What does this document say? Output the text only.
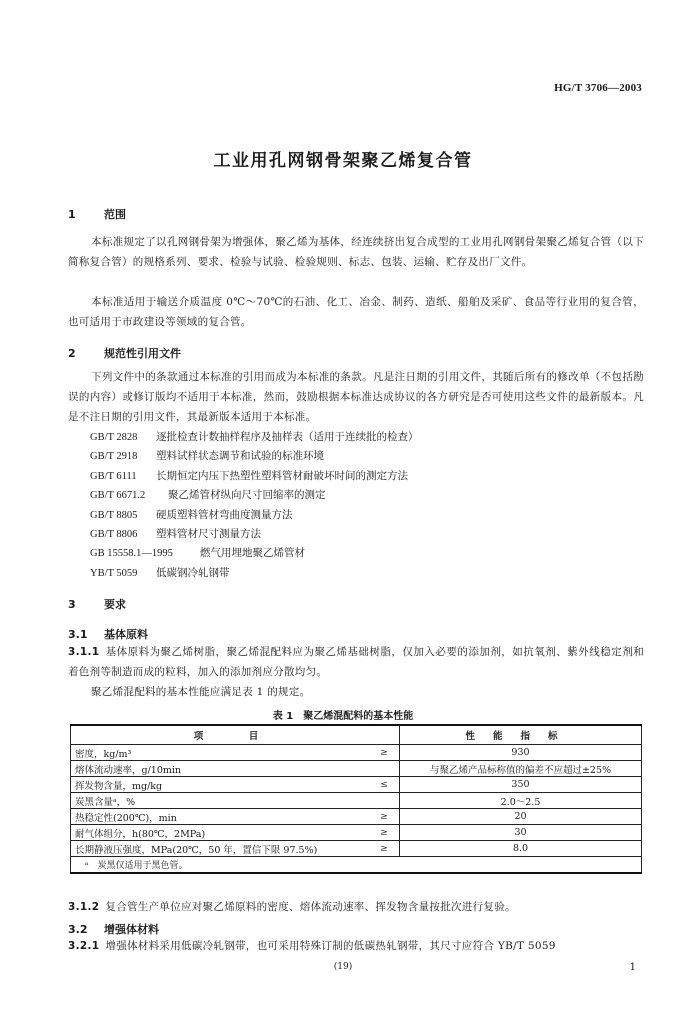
HG/T 3706—2003
工业用孔网钢骨架聚乙烯复合管
1	范围
本标准规定了以孔网钢骨架为增强体，聚乙烯为基体，经连续挤出复合成型的工业用孔网钢骨架聚乙烯复合管（以下简称复合管）的规格系列、要求、检验与试验、检验规则、标志、包装、运输、贮存及出厂文件。
本标准适用于输送介质温度 0℃～70℃的石油、化工、冶金、制药、造纸、船舶及采矿、食品等行业用的复合管，也可适用于市政建设等领域的复合管。
2	规范性引用文件
下列文件中的条款通过本标准的引用而成为本标准的条款。凡是注日期的引用文件，其随后所有的修改单（不包括勘误的内容）或修订版均不适用于本标准，然而，鼓励根据本标准达成协议的各方研究是否可使用这些文件的最新版本。凡是不注日期的引用文件，其最新版本适用于本标准。
GB/T 2828 逐批检查计数抽样程序及抽样表（适用于连续批的检查）
GB/T 2918 塑料试样状态调节和试验的标准环境
GB/T 6111 长期恒定内压下热塑性塑料管材耐破坏时间的测定方法
GB/T 6671.2 聚乙烯管材纵向尺寸回缩率的测定
GB/T 8805 硬质塑料管材弯曲度测量方法
GB/T 8806 塑料管材尺寸测量方法
GB 15558.1—1995	燃气用埋地聚乙烯管材
YB/T 5059 低碳钢冷轧钢带
3	要求
3.1 基体原料
3.1.1 基体原料为聚乙烯树脂，聚乙烯混配料应为聚乙烯基础树脂，仅加入必要的添加剂，如抗氧剂、紫外线稳定剂和着色剂等制造而成的粒料，加入的添加剂应分散均匀。
聚乙烯混配料的基本性能应满足表 1 的规定。
表 1 聚乙烯混配料的基本性能
项　目		性能指标
密度，kg/m³	≥	930
熔体流动速率，g/10min		与聚乙烯产品标称值的偏差不应超过±25%
挥发物含量，mg/kg	≤	350
炭黑含量ᵃ，%		2.0～2.5
热稳定性(200℃)，min	≥	20
耐气体组分，h(80℃，2MPa)	≥	30
长期静液压强度，MPa(20℃，50 年，置信下限 97.5%)	≥	8.0
ᵃ　炭黑仅适用于黑色管。		
3.1.2 复合管生产单位应对聚乙烯原料的密度、熔体流动速率、挥发物含量按批次进行复验。
3.2 增强体材料
3.2.1 增强体材料采用低碳冷轧钢带，也可采用特殊订制的低碳热轧钢带，其尺寸应符合 YB/T 5059
(19)	1
